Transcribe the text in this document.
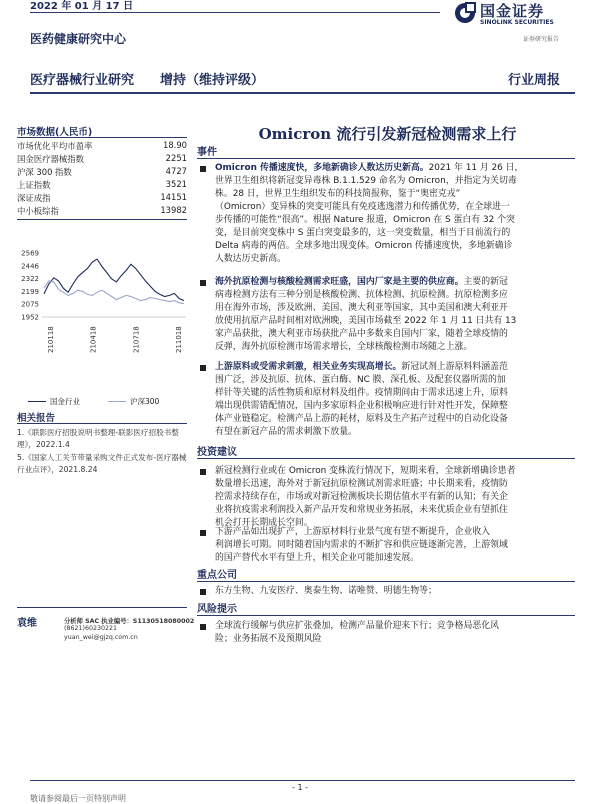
2022 年 01 月 17 日	国金证券
SINOLINK SECURITIES
证券研究报告
医药健康研究中心
医疗器械行业研究 增持（维持评级）	行业周报
市场数据(人民币)
市场优化平均市盈率	18.90
国金医疗器械指数	2251
沪深 300 指数	4727
上证指数	3521
深证成指	14151
中小板综指	13982
2569
2446
2322
2199
2075
1952
210118	210418	210718	211018
国金行业	沪深300
相关报告
1.《联影医疗招股说明书整理-联影医疗招股书整理》，2022.1.4
5.《国家人工关节带量采购文件正式发布-医疗器械行业点评》，2021.8.24
袁维	分析师 SAC 执业编号：S1130518080002
(8621)60230221
yuan_wei@gjzq.com.cn
Omicron 流行引发新冠检测需求上行
事件
Omicron 传播速度快，多地新确诊人数达历史新高。2021 年 11 月 26 日，
世界卫生组织将新冠变异毒株 B.1.1.529 命名为 Omicron，并指定为关切毒
株。28 日，世界卫生组织发布的科技简报称，鉴于“奥密克戎”
（Omicron）变异株的突变可能具有免疫逃逸潜力和传播优势，在全球进一
步传播的可能性“很高”。根据 Nature 报道，Omicron 在 S 蛋白有 32 个突
变，是目前突变株中 S 蛋白突变最多的，这一突变数量，相当于目前流行的
Delta 病毒的两倍。全球多地出现变体。Omicron 传播速度快，多地新确诊
人数达历史新高。
海外抗原检测与核酸检测需求旺盛，国内厂家是主要的供应商。主要的新冠
病毒检测方法有三种分别是核酸检测、抗体检测、抗原检测。抗原检测多应
用在海外市场，涉及欧洲、美国、澳大利亚等国家，其中美国和澳大利亚开
放使用抗原产品时间相对欧洲晚，美国市场截至 2022 年 1 月 11 日共有 13
家产品获批，澳大利亚市场获批产品中多数来自国内厂家，随着全球疫情的
反弹，海外抗原检测市场需求增长，全球核酸检测市场随之上涨。
上游原料或受需求刺激，相关业务实现高增长。新冠试剂上游原料料涵盖范
围广泛，涉及抗原、抗体、蛋白酶、NC 膜、深孔板、及配套仪器所需的加
样针等关键的活性物质和原材料及组件。疫情期间由于需求迅速上升，原料
端出现供需错配情况，国内多家原料企业积极响应进行针对性开发，保障整
体产业链稳定。检测产品上游的耗材，原料及生产拓产过程中的自动化设备
有望在新冠产品的需求刺激下放量。
投资建议
新冠检测行业或在 Omicron 变株流行情况下，短期来看，全球新增确诊患者
数量增长迅速，海外对于新冠抗原检测试剂需求旺盛；中长期来看，疫情防
控需求持续存在，市场或对新冠检测板块长期估值水平有新的认知；有关企
业将抗疫需求利润投入新产品开发和常规业务拓展，未来优质企业有望抓住
机会打开长期成长空间。
下游产品如出现扩产，上游原材料行业景气度有望不断提升，企业收入
利润增长可期。同时随着国内需求的不断扩容和供应链逐渐完善，上游领域
的国产替代水平有望上升，相关企业可能加速发展。
重点公司
东方生物、九安医疗、奥泰生物、诺唯赞、明德生物等；
风险提示
全球流行缓解与供应扩张叠加，检测产品量价迎来下行；竞争格局恶化风
险；业务拓展不及预期风险
- 1 -
敬请参阅最后一页特别声明
